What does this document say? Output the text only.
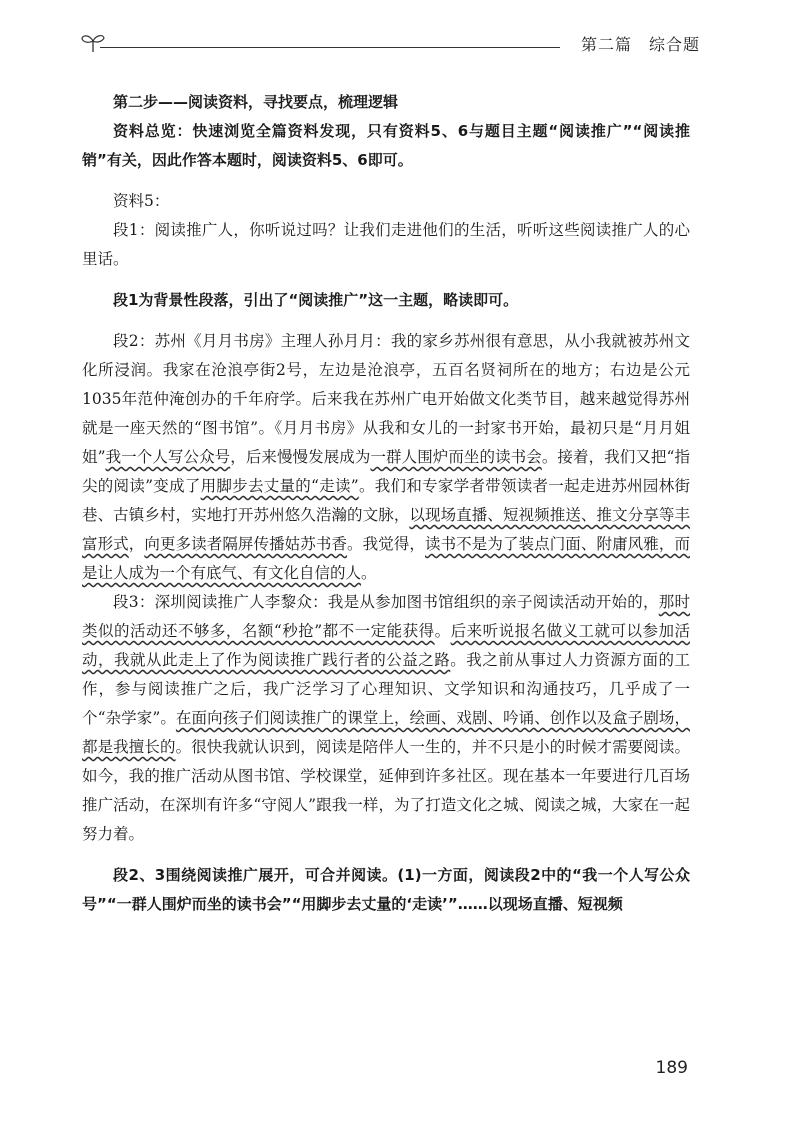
第二篇　综合题

第二步——阅读资料，寻找要点，梳理逻辑

资料总览：快速浏览全篇资料发现，只有资料5、6与题目主题“阅读推广”“阅读推销”有关，因此作答本题时，阅读资料5、6即可。

资料5：

段1：阅读推广人，你听说过吗？让我们走进他们的生活，听听这些阅读推广人的心里话。

段1为背景性段落，引出了“阅读推广”这一主题，略读即可。

段2：苏州《月月书房》主理人孙月月：我的家乡苏州很有意思，从小我就被苏州文化所浸润。我家在沧浪亭街2号，左边是沧浪亭，五百名贤祠所在的地方；右边是公元1035年范仲淹创办的千年府学。后来我在苏州广电开始做文化类节目，越来越觉得苏州就是一座天然的“图书馆”。《月月书房》从我和女儿的一封家书开始，最初只是“月月姐姐”我一个人写公众号，后来慢慢发展成为一群人围炉而坐的读书会。接着，我们又把“指尖的阅读”变成了用脚步去丈量的“走读”。我们和专家学者带领读者一起走进苏州园林街巷、古镇乡村，实地打开苏州悠久浩瀚的文脉，以现场直播、短视频推送、推文分享等丰富形式，向更多读者隔屏传播姑苏书香。我觉得，读书不是为了装点门面、附庸风雅，而是让人成为一个有底气、有文化自信的人。

段3：深圳阅读推广人李黎众：我是从参加图书馆组织的亲子阅读活动开始的，那时类似的活动还不够多，名额“秒抢”都不一定能获得。后来听说报名做义工就可以参加活动，我就从此走上了作为阅读推广践行者的公益之路。我之前从事过人力资源方面的工作，参与阅读推广之后，我广泛学习了心理知识、文学知识和沟通技巧，几乎成了一个“杂学家”。在面向孩子们阅读推广的课堂上，绘画、戏剧、吟诵、创作以及盒子剧场，都是我擅长的。很快我就认识到，阅读是陪伴人一生的，并不只是小的时候才需要阅读。如今，我的推广活动从图书馆、学校课堂，延伸到许多社区。现在基本一年要进行几百场推广活动，在深圳有许多“守阅人”跟我一样，为了打造文化之城、阅读之城，大家在一起努力着。

段2、3围绕阅读推广展开，可合并阅读。(1)一方面，阅读段2中的“我一个人写公众号”“一群人围炉而坐的读书会”“用脚步去丈量的‘走读’”……以现场直播、短视频

189
